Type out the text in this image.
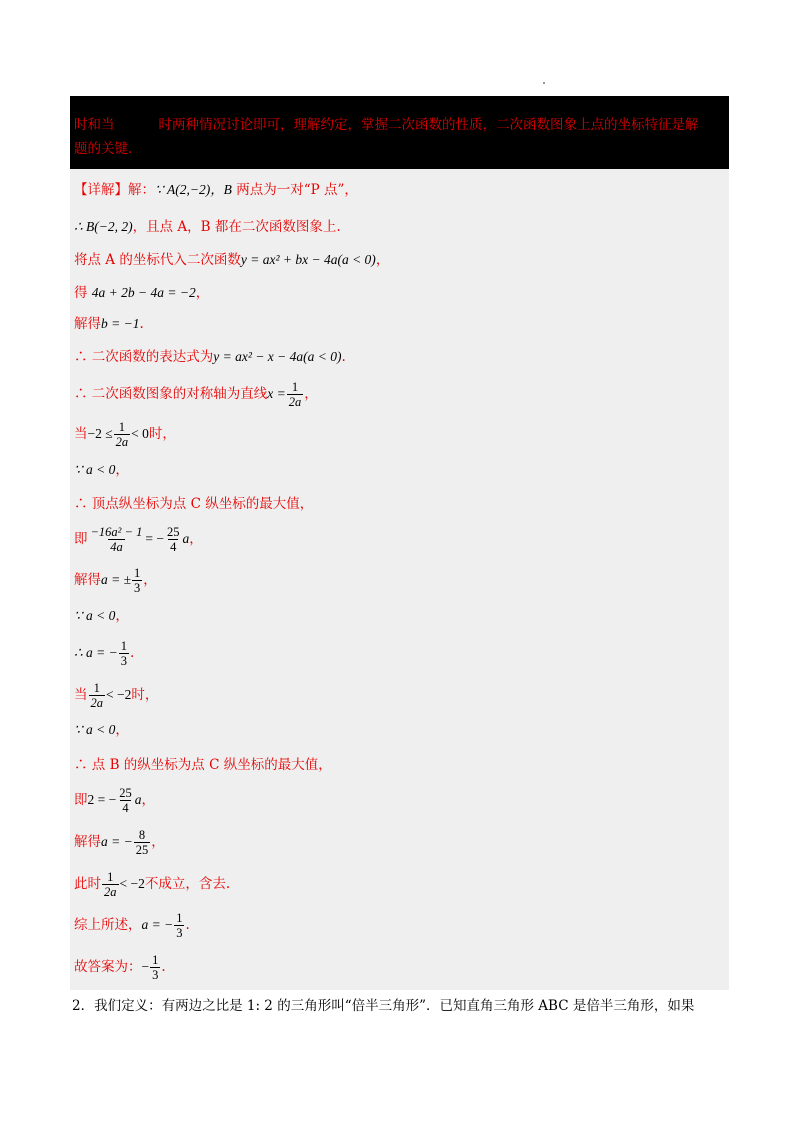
时和当	时两种情况讨论即可，理解约定，掌握二次函数的性质，二次函数图象上点的坐标特征是解
题的关键.
【详解】解：∵ A(2,−2)，B 两点为一对“P 点”，
∴ B(−2, 2)，且点 A，B 都在二次函数图象上.
将点 A 的坐标代入二次函数y = ax² + bx − 4a(a < 0)，
得 4a + 2b − 4a = −2，
解得b = −1.
∴ 二次函数的表达式为y = ax² − x − 4a(a < 0).
∴ 二次函数图象的对称轴为直线$x = \frac{1}{2a}$ ，
当$-2 \le \frac{1}{2a} < 0$时，
∵ a < 0，
∴ 顶点纵坐标为点 C 纵坐标的最大值，
即 $\frac{\text{−16a² − 1}}{4a}$ = − $\frac{25}{4}$ a，
解得a = ± $\frac{1}{3}$ ，
∵ a < 0，
∴ a = − $\frac{1}{3}$ .
当 $\frac{1}{2a} < -2$时，
∵ a < 0，
∴ 点 B 的纵坐标为点 C 纵坐标的最大值，
即2 = − $\frac{25}{4}$ a，
解得a = − $\frac{8}{25}$ ，
此时 $\frac{1}{2a} < -2$不成立，含去.
综上所述，a = − $\frac{1}{3}$ .
故答案为：− $\frac{1}{3}$ .
2．我们定义：有两边之比是 1: 2 的三角形叫“倍半三角形”．已知直角三角形 ABC 是倍半三角形，如果
